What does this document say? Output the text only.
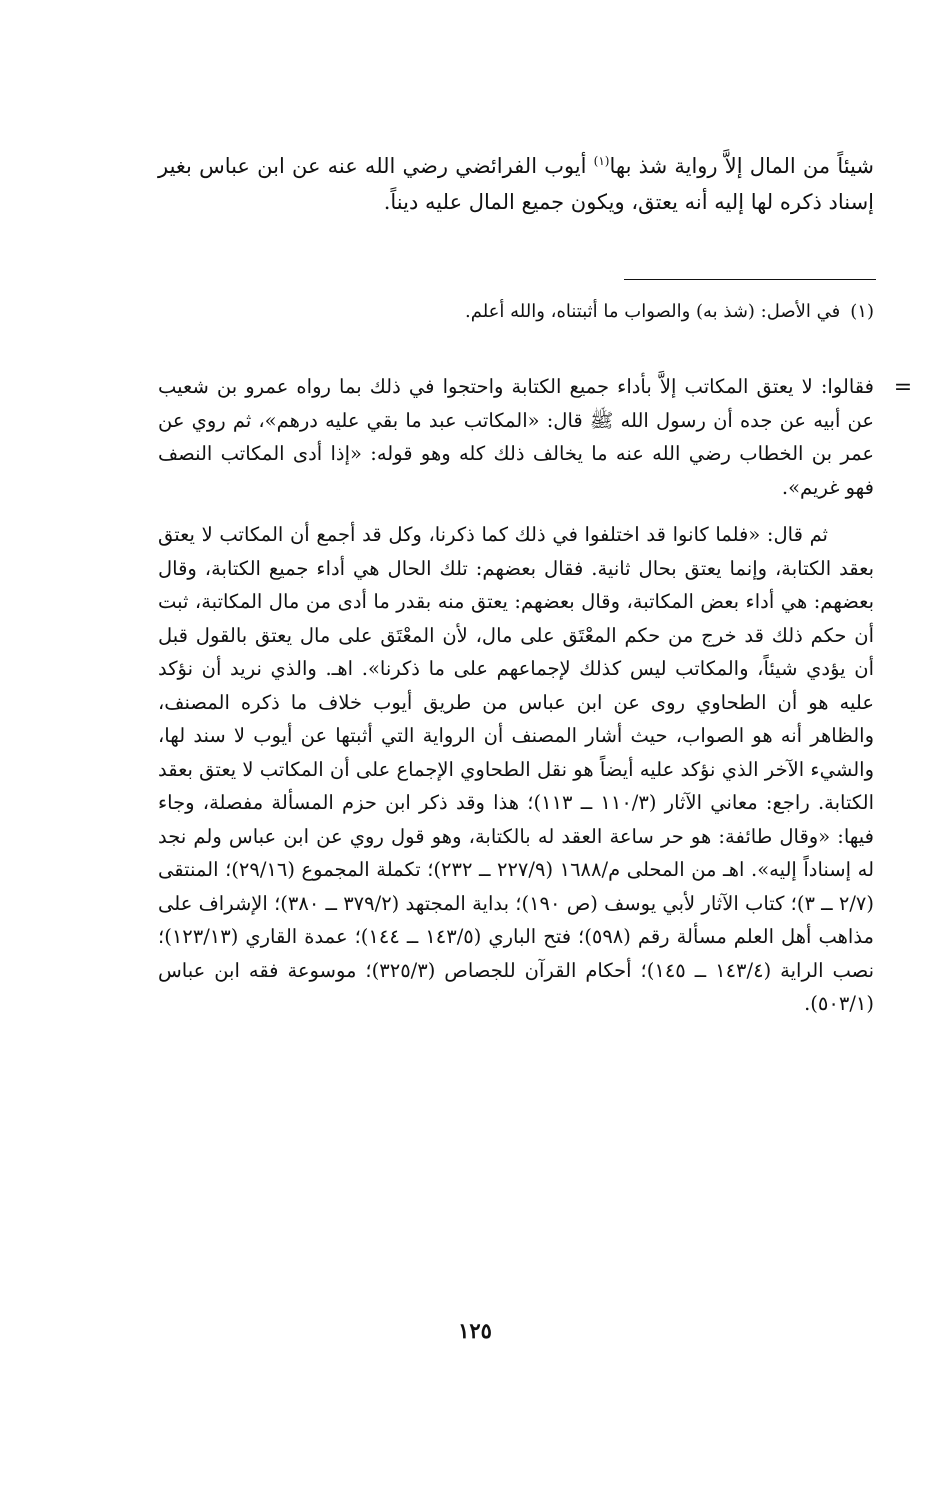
شيئاً من المال إلاَّ رواية شذ بها$^{(١)}$ أيوب الفرائضي رضي الله عنه عن ابن عباس بغير إسناد ذكره لها إليه أنه يعتق، ويكون جميع المال عليه ديناً.

(١)في الأصل: (شذ به) والصواب ما أثبتناه، والله أعلم.
=

فقالوا: لا يعتق المكاتب إلاَّ بأداء جميع الكتابة واحتجوا في ذلك بما رواه عمرو بن شعيب عن أبيه عن جده أن رسول الله ﷺ قال: «المكاتب عبد ما بقي عليه درهم»، ثم روي عن عمر بن الخطاب رضي الله عنه ما يخالف ذلك كله وهو قوله: «إذا أدى المكاتب النصف فهو غريم».

ثم قال: «فلما كانوا قد اختلفوا في ذلك كما ذكرنا، وكل قد أجمع أن المكاتب لا يعتق بعقد الكتابة، وإنما يعتق بحال ثانية. فقال بعضهم: تلك الحال هي أداء جميع الكتابة، وقال بعضهم: هي أداء بعض المكاتبة، وقال بعضهم: يعتق منه بقدر ما أدى من مال المكاتبة، ثبت أن حكم ذلك قد خرج من حكم المعْتَق على مال، لأن المعْتَق على مال يعتق بالقول قبل أن يؤدي شيئاً، والمكاتب ليس كذلك لإجماعهم على ما ذكرنا». اهـ. والذي نريد أن نؤكد عليه هو أن الطحاوي روى عن ابن عباس من طريق أيوب خلاف ما ذكره المصنف، والظاهر أنه هو الصواب، حيث أشار المصنف أن الرواية التي أثبتها عن أيوب لا سند لها، والشيء الآخر الذي نؤكد عليه أيضاً هو نقل الطحاوي الإجماع على أن المكاتب لا يعتق بعقد الكتابة. راجع: معاني الآثار (١١٠/٣ ــ ١١٣)؛ هذا وقد ذكر ابن حزم المسألة مفصلة، وجاء فيها: «وقال طائفة: هو حر ساعة العقد له بالكتابة، وهو قول روي عن ابن عباس ولم نجد له إسناداً إليه». اهـ من المحلى م/١٦٨٨ (٢٢٧/٩ ــ ٢٣٢)؛ تكملة المجموع (٢٩/١٦)؛ المنتقى (٢/٧ ــ ٣)؛ كتاب الآثار لأبي يوسف (ص ١٩٠)؛ بداية المجتهد (٣٧٩/٢ ــ ٣٨٠)؛ الإشراف على مذاهب أهل العلم مسألة رقم (٥٩٨)؛ فتح الباري (١٤٣/٥ ــ ١٤٤)؛ عمدة القاري (١٢٣/١٣)؛ نصب الراية (١٤٣/٤ ــ ١٤٥)؛ أحكام القرآن للجصاص (٣٢٥/٣)؛ موسوعة فقه ابن عباس (٥٠٣/١).

١٢٥
